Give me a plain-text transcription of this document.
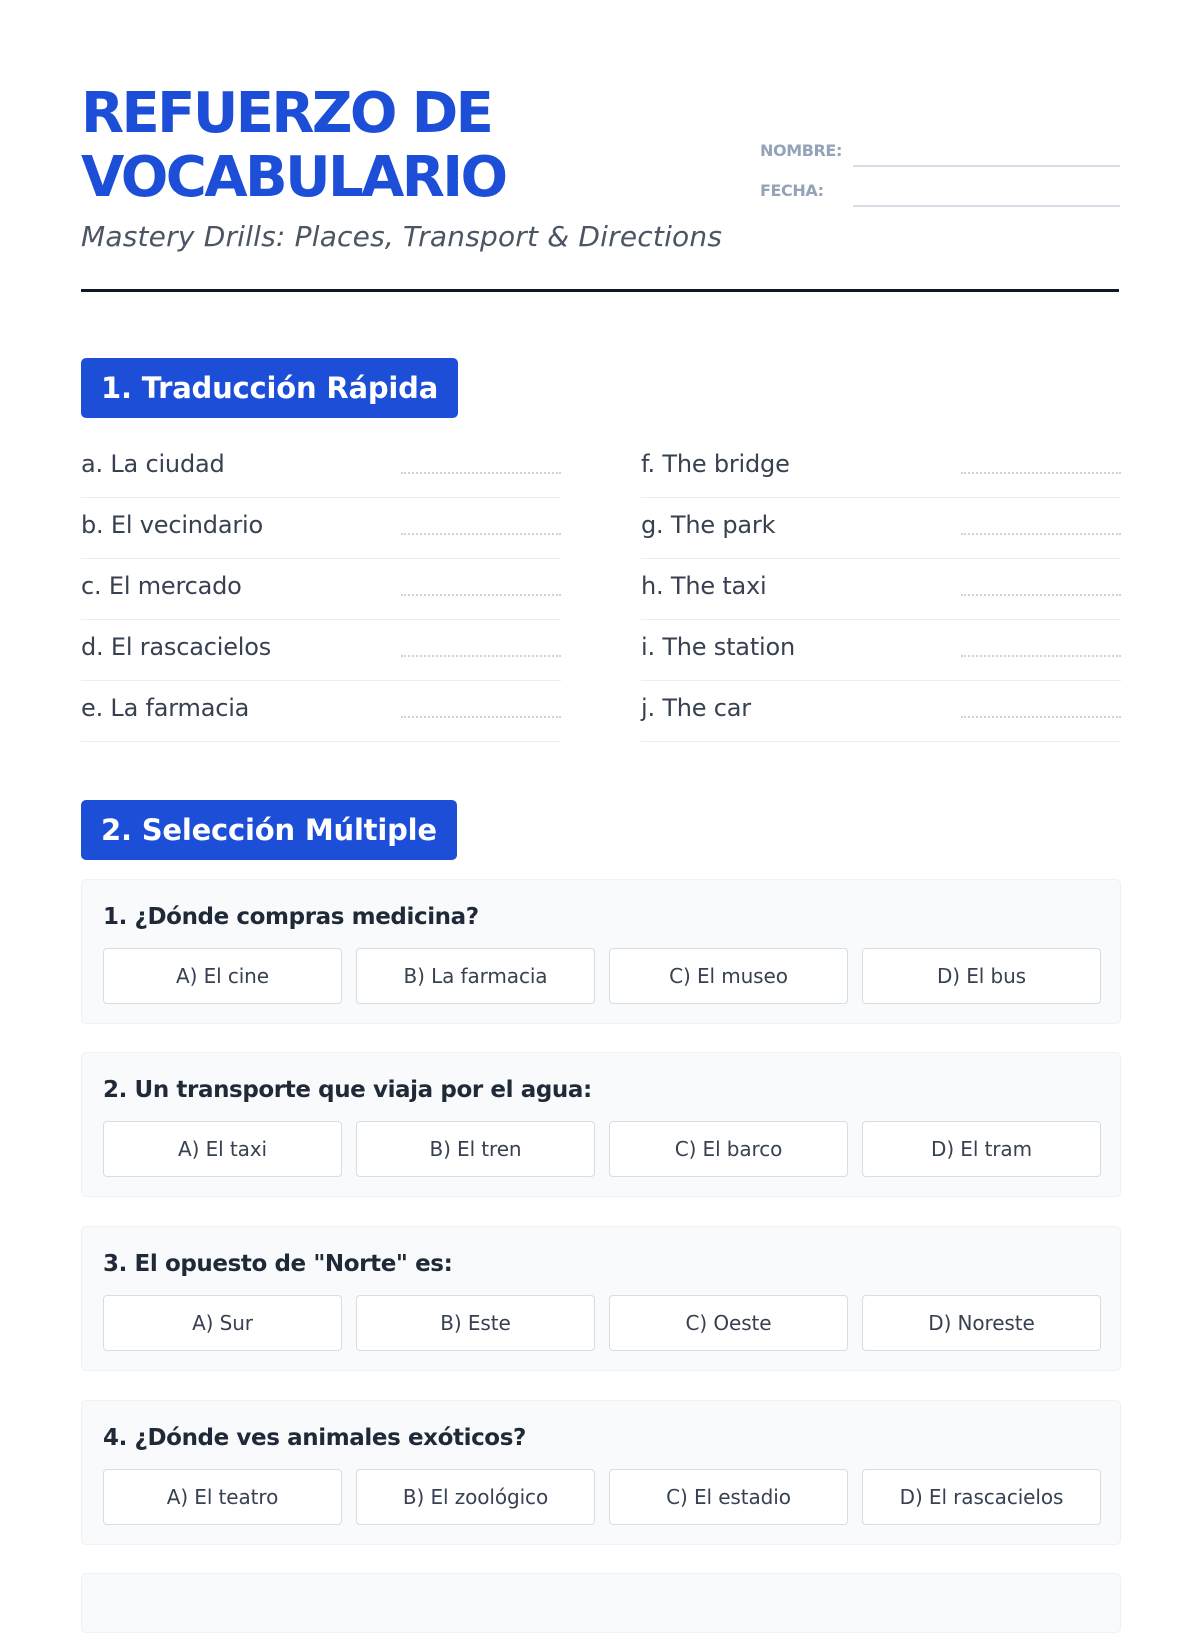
REFUERZO DE VOCABULARIO

Mastery Drills: Places, Transport & Directions

NOMBRE:
FECHA:
1. Traducción Rápida
a. La ciudad
b. El vecindario
c. El mercado
d. El rascacielos
e. La farmacia
f. The bridge
g. The park
h. The taxi
i. The station
j. The car
2. Selección Múltiple
1. ¿Dónde compras medicina?
A) El cine	B) La farmacia	C) El museo	D) El bus
2. Un transporte que viaja por el agua:
A) El taxi	B) El tren	C) El barco	D) El tram
3. El opuesto de "Norte" es:
A) Sur	B) Este	C) Oeste	D) Noreste
4. ¿Dónde ves animales exóticos?
A) El teatro	B) El zoológico	C) El estadio	D) El rascacielos
